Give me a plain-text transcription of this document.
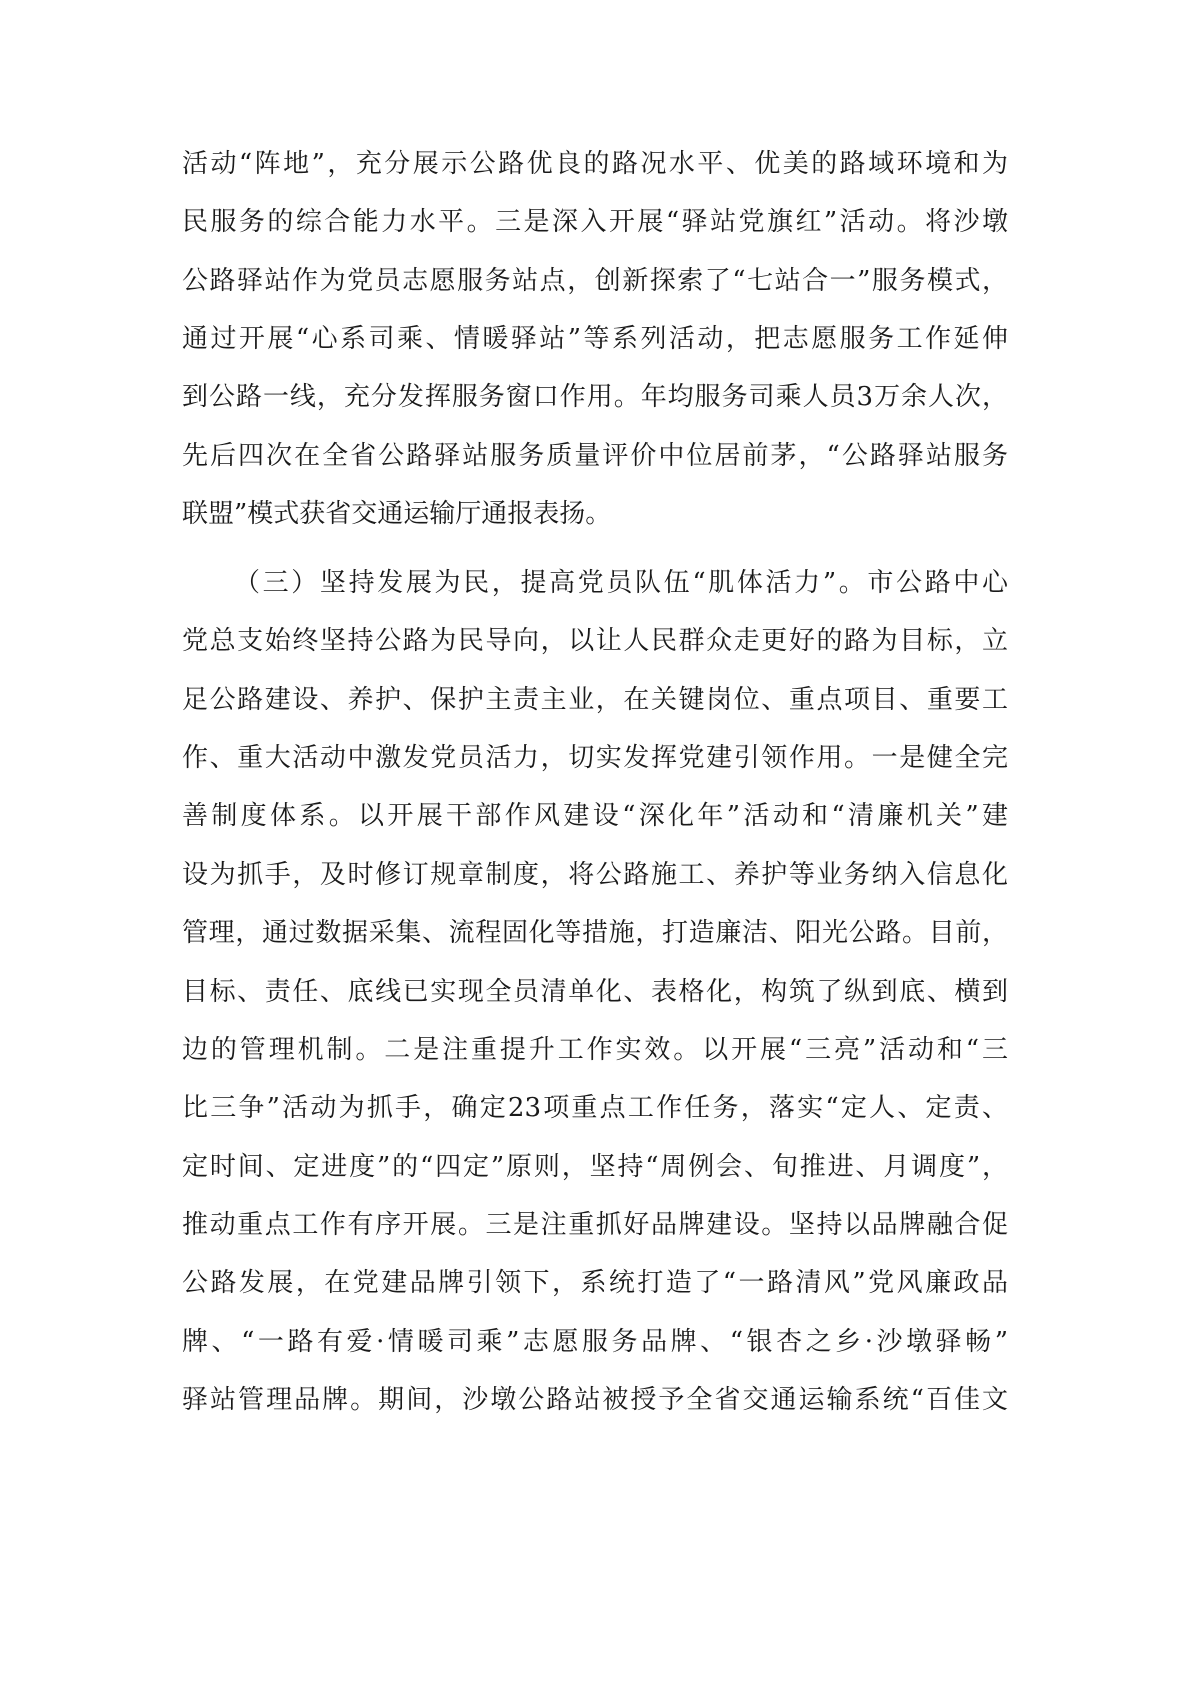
活动“阵地”，充分展示公路优良的路况水平、优美的路域环境和为
民服务的综合能力水平。三是深入开展“驿站党旗红”活动。将沙墩
公路驿站作为党员志愿服务站点，创新探索了“七站合一”服务模式，
通过开展“心系司乘、情暖驿站”等系列活动，把志愿服务工作延伸
到公路一线，充分发挥服务窗口作用。年均服务司乘人员3万余人次，
先后四次在全省公路驿站服务质量评价中位居前茅，“公路驿站服务
联盟”模式获省交通运输厅通报表扬。
（三）坚持发展为民，提高党员队伍“肌体活力”。市公路中心
党总支始终坚持公路为民导向，以让人民群众走更好的路为目标，立
足公路建设、养护、保护主责主业，在关键岗位、重点项目、重要工
作、重大活动中激发党员活力，切实发挥党建引领作用。一是健全完
善制度体系。以开展干部作风建设“深化年”活动和“清廉机关”建
设为抓手，及时修订规章制度，将公路施工、养护等业务纳入信息化
管理，通过数据采集、流程固化等措施，打造廉洁、阳光公路。目前，
目标、责任、底线已实现全员清单化、表格化，构筑了纵到底、横到
边的管理机制。二是注重提升工作实效。以开展“三亮”活动和“三
比三争”活动为抓手，确定23项重点工作任务，落实“定人、定责、
定时间、定进度”的“四定”原则，坚持“周例会、旬推进、月调度”，
推动重点工作有序开展。三是注重抓好品牌建设。坚持以品牌融合促
公路发展，在党建品牌引领下，系统打造了“一路清风”党风廉政品
牌、“一路有爱·情暖司乘”志愿服务品牌、“银杏之乡·沙墩驿畅”
驿站管理品牌。期间，沙墩公路站被授予全省交通运输系统“百佳文
